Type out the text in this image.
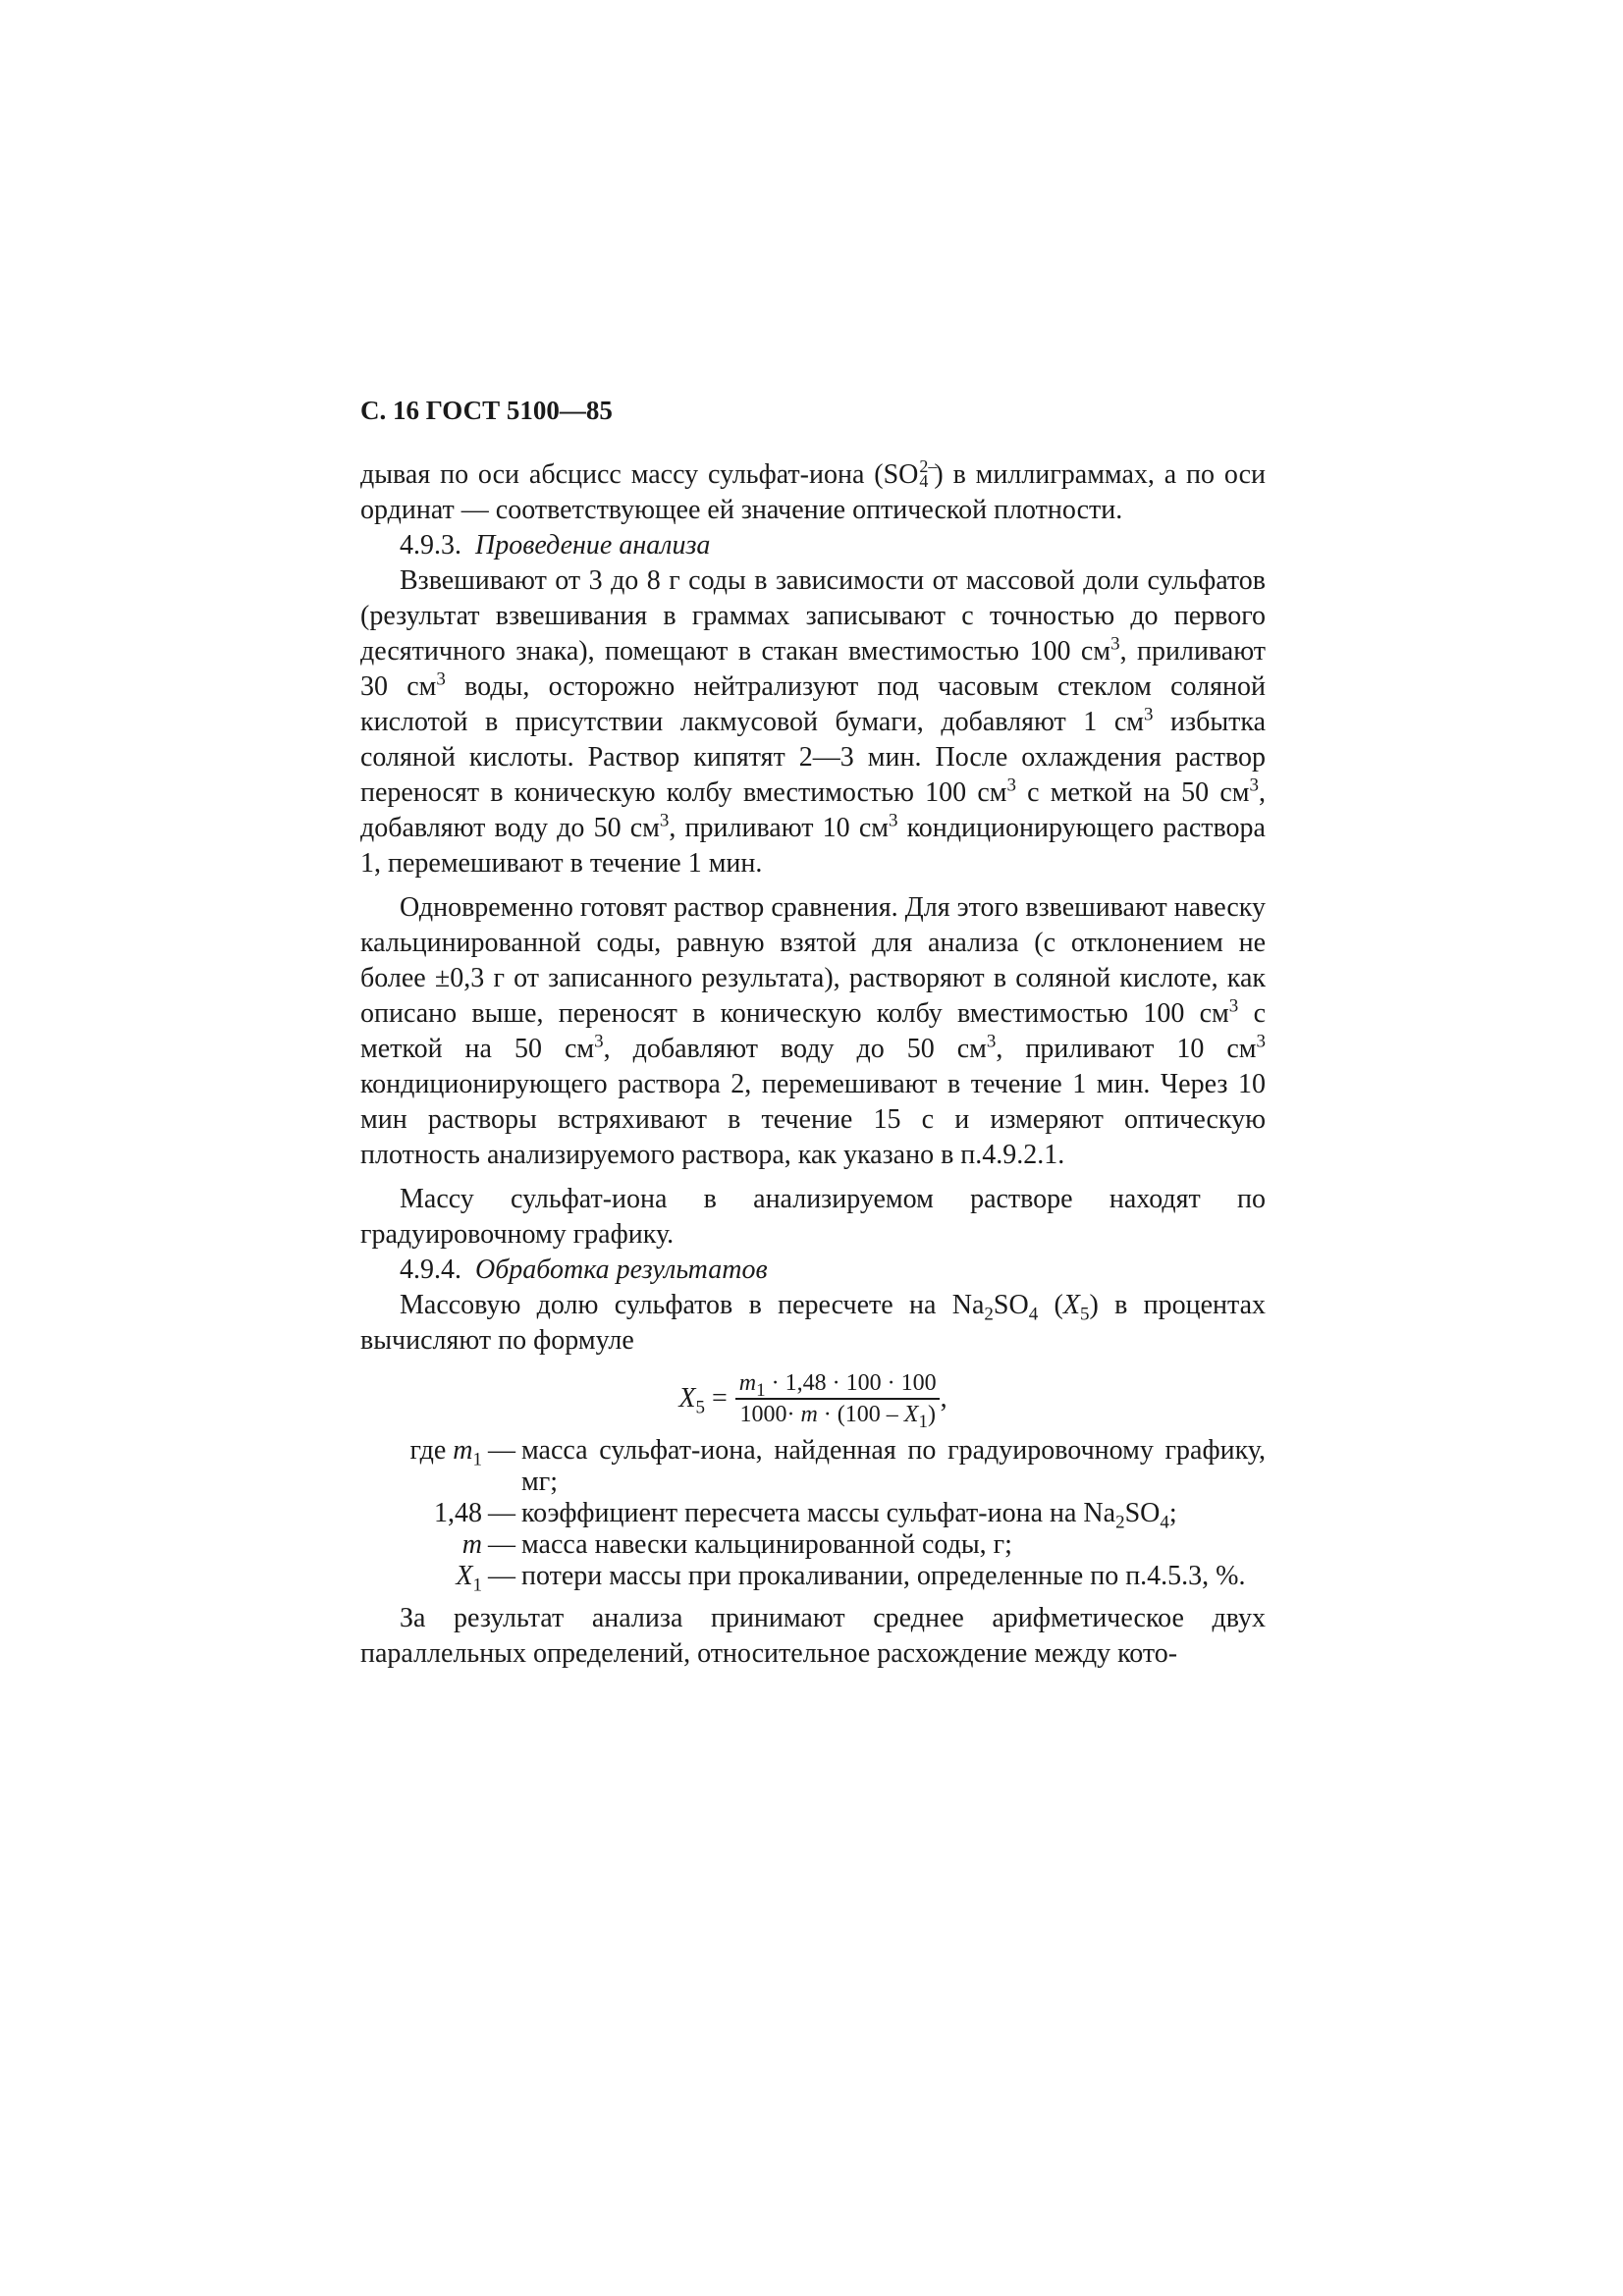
С. 16 ГОСТ 5100—85

дывая по оси абсцисс массу сульфат-иона (SO 2–
4 ) в миллиграммах, а по оси ординат — соответствующее ей значение оптической плотности.

4.9.3. Проведение анализа

Взвешивают от 3 до 8 г соды в зависимости от массовой доли сульфатов (результат взвешивания в граммах записывают с точностью до первого десятичного знака), помещают в стакан вместимостью 100 $см^3$, приливают 30 $см^3$ воды, осторожно нейтрализуют под часовым стеклом соляной кислотой в присутствии лакмусовой бумаги, добавляют 1 $см^3$ избытка соляной кислоты. Раствор кипятят 2—3 мин. После охлаждения раствор переносят в коническую колбу вместимостью 100 $см^3$ с меткой на 50 $см^3$, добавляют воду до 50 $см^3$, приливают 10 $см^3$ кондиционирующего раствора 1, перемешивают в течение 1 мин.

Одновременно готовят раствор сравнения. Для этого взвешивают навеску кальцинированной соды, равную взятой для анализа (с отклонением не более ±0,3 г от записанного результата), растворяют в соляной кислоте, как описано выше, переносят в коническую колбу вместимостью 100 $см^3$ с меткой на 50 $см^3$, добавляют воду до 50 $см^3$, приливают 10 $см^3$ кондиционирующего раствора 2, перемешивают в течение 1 мин. Через 10 мин растворы встряхивают в течение 15 с и измеряют оптическую плотность анализируемого раствора, как указано в п.4.9.2.1.

Массу сульфат-иона в анализируемом растворе находят по градуировочному графику.

4.9.4. Обработка результатов

Массовую долю сульфатов в пересчете на $Na_2SO_4$ $(X_5)$ в процентах вычисляют по формуле

$X_5 = \frac{m_1 \cdot 1,48 \cdot 100 \cdot 100}{1000\cdot m \cdot (100 - X_1)}$ ,
где $m_1$ — масса сульфат-иона, найденная по градуировочному графику, мг;
1,48 — коэффициент пересчета массы сульфат-иона на $Na_2SO_4$;
m — масса навески кальцинированной соды, г;
$X_1$ — потери массы при прокаливании, определенные по п.4.5.3, %.

За результат анализа принимают среднее арифметическое двух параллельных определений, относительное расхождение между кото-
